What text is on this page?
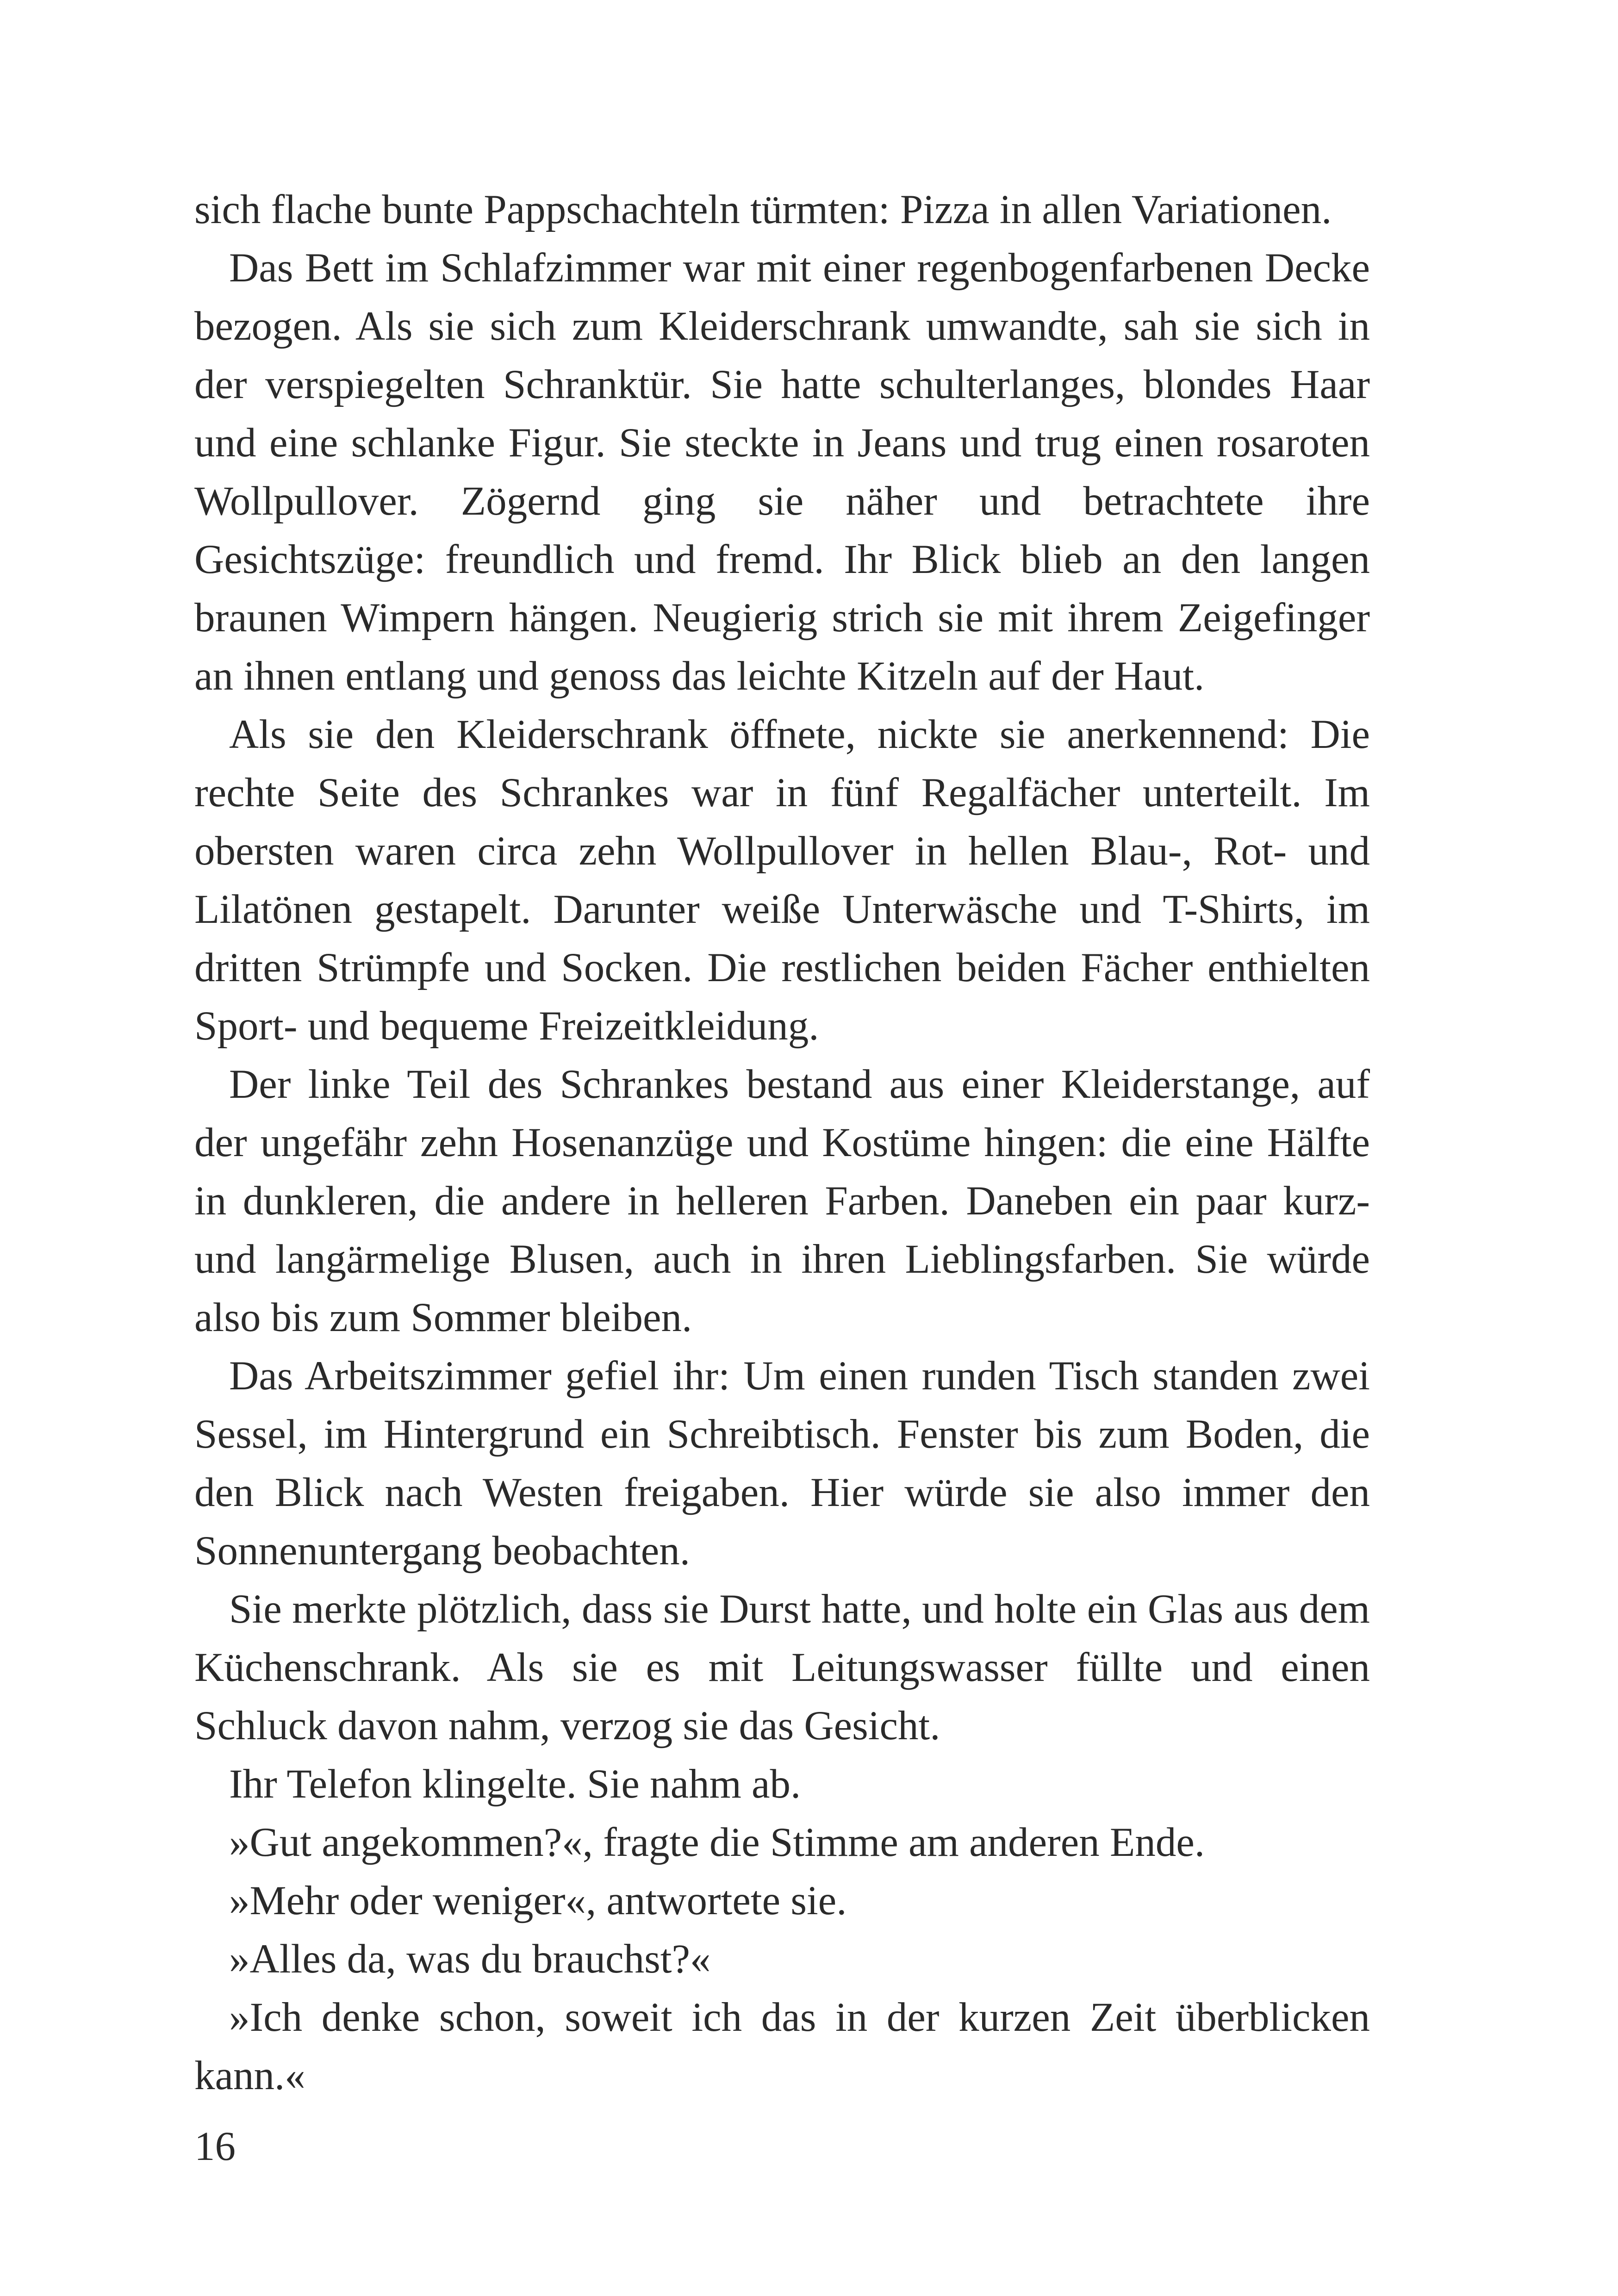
sich flache bunte Pappschachteln türmten: Pizza in allen Variationen.

Das Bett im Schlafzimmer war mit einer regenbogenfarbenen Decke bezogen. Als sie sich zum Kleiderschrank umwandte, sah sie sich in der verspiegelten Schranktür. Sie hatte schulterlanges, blondes Haar und eine schlanke Figur. Sie steckte in Jeans und trug einen rosaroten Wollpullover. Zögernd ging sie näher und betrachtete ihre Gesichtszüge: freundlich und fremd. Ihr Blick blieb an den langen braunen Wimpern hängen. Neugierig strich sie mit ihrem Zeigefinger an ihnen entlang und genoss das leichte Kitzeln auf der Haut.

Als sie den Kleiderschrank öffnete, nickte sie anerkennend: Die rechte Seite des Schrankes war in fünf Regalfächer unterteilt. Im obersten waren circa zehn Wollpullover in hellen Blau-, Rot- und Lilatönen gestapelt. Darunter weiße Unterwäsche und T-Shirts, im dritten Strümpfe und Socken. Die restlichen beiden Fächer enthielten Sport- und bequeme Freizeitkleidung.

Der linke Teil des Schrankes bestand aus einer Kleiderstange, auf der ungefähr zehn Hosenanzüge und Kostüme hingen: die eine Hälfte in dunkleren, die andere in helleren Farben. Daneben ein paar kurz- und langärmelige Blusen, auch in ihren Lieblingsfarben. Sie würde also bis zum Sommer bleiben.

Das Arbeitszimmer gefiel ihr: Um einen runden Tisch standen zwei Sessel, im Hintergrund ein Schreibtisch. Fenster bis zum Boden, die den Blick nach Westen freigaben. Hier würde sie also immer den Sonnenuntergang beobachten.

Sie merkte plötzlich, dass sie Durst hatte, und holte ein Glas aus dem Küchenschrank. Als sie es mit Leitungswasser füllte und einen Schluck davon nahm, verzog sie das Gesicht.

Ihr Telefon klingelte. Sie nahm ab.

»Gut angekommen?«, fragte die Stimme am anderen Ende.

»Mehr oder weniger«, antwortete sie.

»Alles da, was du brauchst?«

»Ich denke schon, soweit ich das in der kurzen Zeit überblicken kann.«

16
